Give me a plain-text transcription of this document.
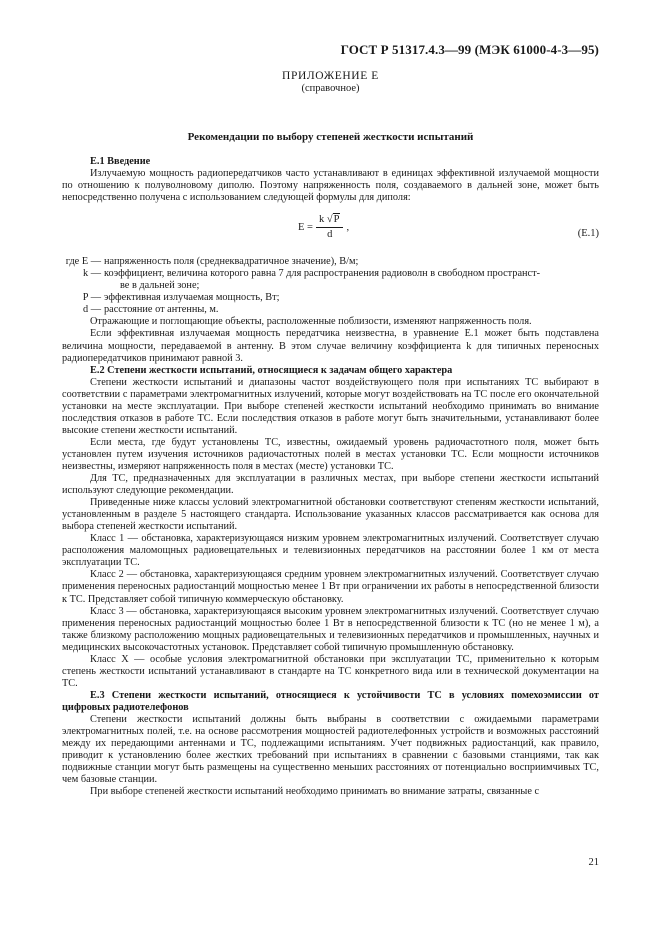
ГОСТ Р 51317.4.3—99 (МЭК 61000-4-3—95)
ПРИЛОЖЕНИЕ Е
(справочное)
Рекомендации по выбору степеней жесткости испытаний

Е.1 Введение

Излучаемую мощность радиопередатчиков часто устанавливают в единицах эффективной излучаемой мощности по отношению к полуволновому диполю. Поэтому напряженность поля, создаваемого в дальней зоне, может быть непосредственно получена с использованием следующей формулы для диполя:

$E = \frac{k √P}{d}$ ,
(Е.1)
где E — напряженность поля (среднеквадратичное значение), В/м;
k — коэффициент, величина которого равна 7 для распространения радиоволн в свободном пространст-
ве в дальней зоне;
P — эффективная излучаемая мощность, Вт;
d — расстояние от антенны, м.

Отражающие и поглощающие объекты, расположенные поблизости, изменяют напряженность поля.

Если эффективная излучаемая мощность передатчика неизвестна, в уравнение Е.1 может быть подставлена величина мощности, передаваемой в антенну. В этом случае величину коэффициента k для типичных переносных радиопередатчиков принимают равной 3.

Е.2 Степени жесткости испытаний, относящиеся к задачам общего характера

Степени жесткости испытаний и диапазоны частот воздействующего поля при испытаниях ТС выбирают в соответствии с параметрами электромагнитных излучений, которые могут воздействовать на ТС после его окончательной установки на месте эксплуатации. При выборе степеней жесткости испытаний необходимо принимать во внимание последствия отказов в работе ТС. Если последствия отказов в работе могут быть значительными, устанавливают более высокие степени жесткости испытаний.

Если места, где будут установлены ТС, известны, ожидаемый уровень радиочастотного поля, может быть установлен путем изучения источников радиочастотных полей в местах установки ТС. Если мощности источников неизвестны, измеряют напряженность поля в местах (месте) установки ТС.

Для ТС, предназначенных для эксплуатации в различных местах, при выборе степени жесткости испытаний используют следующие рекомендации.

Приведенные ниже классы условий электромагнитной обстановки соответствуют степеням жесткости испытаний, установленным в разделе 5 настоящего стандарта. Использование указанных классов рассматривается как основа для выбора степеней жесткости испытаний.

Класс 1 — обстановка, характеризующаяся низким уровнем электромагнитных излучений. Соответствует случаю расположения маломощных радиовещательных и телевизионных передатчиков на расстоянии более 1 км от места эксплуатации ТС.

Класс 2 — обстановка, характеризующаяся средним уровнем электромагнитных излучений. Соответствует случаю применения переносных радиостанций мощностью менее 1 Вт при ограничении их работы в непосредственной близости к ТС. Представляет собой типичную коммерческую обстановку.

Класс 3 — обстановка, характеризующаяся высоким уровнем электромагнитных излучений. Соответствует случаю применения переносных радиостанций мощностью более 1 Вт в непосредственной близости к ТС (но не менее 1 м), а также близкому расположению мощных радиовещательных и телевизионных передатчиков и промышленных, научных и медицинских высокочастотных установок. Представляет собой типичную промышленную обстановку.

Класс Х — особые условия электромагнитной обстановки при эксплуатации ТС, применительно к которым степень жесткости испытаний устанавливают в стандарте на ТС конкретного вида или в технической документации на ТС.

Е.3 Степени жесткости испытаний, относящиеся к устойчивости ТС в условиях помехоэмиссии от цифровых радиотелефонов

Степени жесткости испытаний должны быть выбраны в соответствии с ожидаемыми параметрами электромагнитных полей, т.е. на основе рассмотрения мощностей радиотелефонных устройств и возможных расстояний между их передающими антеннами и ТС, подлежащими испытаниям. Учет подвижных радиостанций, как правило, приводит к установлению более жестких требований при испытаниях в сравнении с базовыми станциями, так как подвижные станции могут быть размещены на существенно меньших расстояниях от потенциально восприимчивых ТС, чем базовые станции.

При выборе степеней жесткости испытаний необходимо принимать во внимание затраты, связанные с

21
